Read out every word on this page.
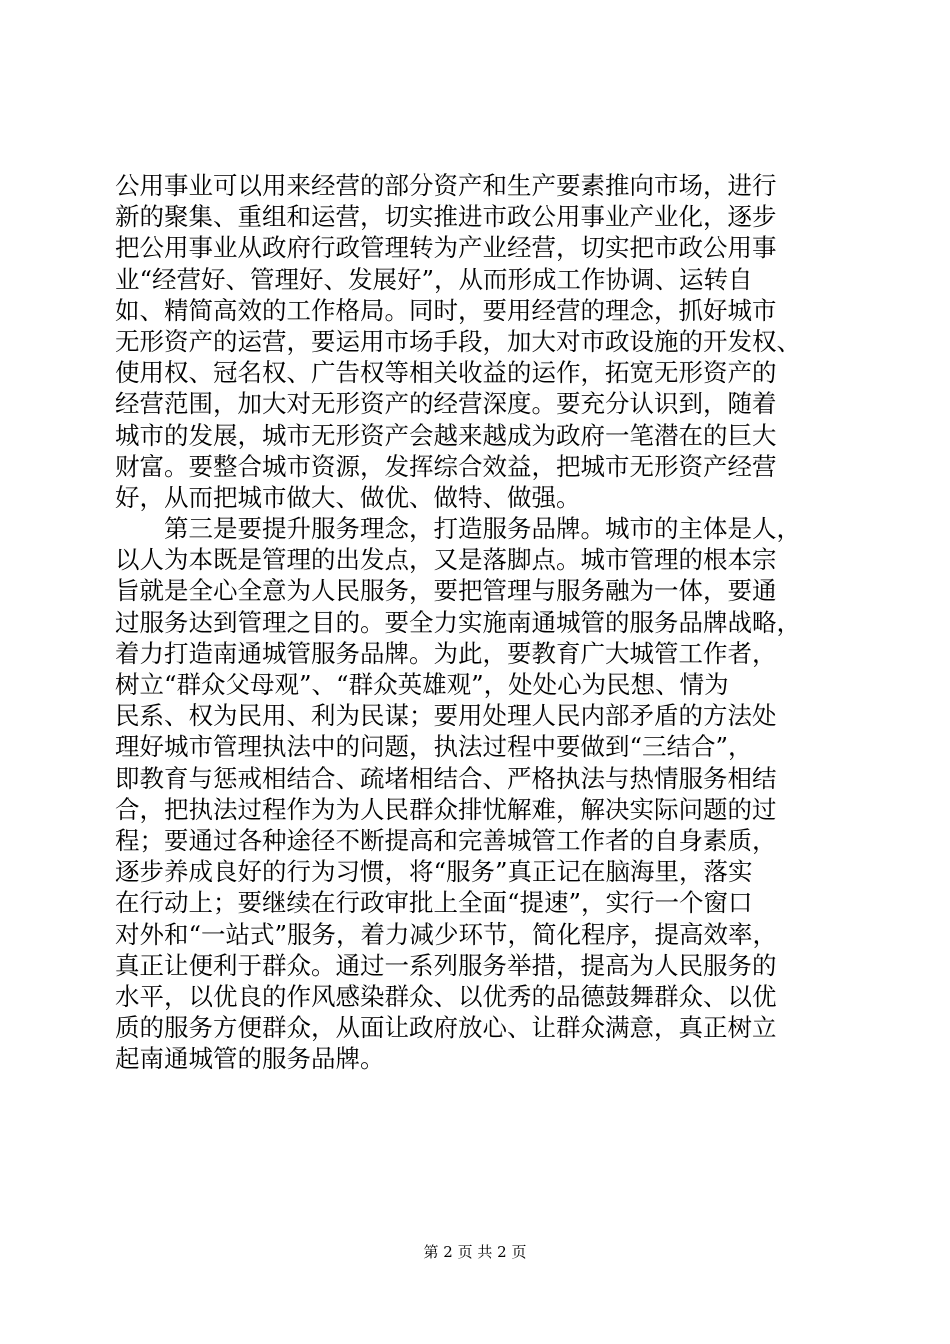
公用事业可以用来经营的部分资产和生产要素推向市场，进行
新的聚集、重组和运营，切实推进市政公用事业产业化，逐步
把公用事业从政府行政管理转为产业经营，切实把市政公用事
业“经营好、管理好、发展好”，从而形成工作协调、运转自
如、精简高效的工作格局。同时，要用经营的理念，抓好城市
无形资产的运营，要运用市场手段，加大对市政设施的开发权、
使用权、冠名权、广告权等相关收益的运作，拓宽无形资产的
经营范围，加大对无形资产的经营深度。要充分认识到，随着
城市的发展，城市无形资产会越来越成为政府一笔潜在的巨大
财富。要整合城市资源，发挥综合效益，把城市无形资产经营
好，从而把城市做大、做优、做特、做强。
　　第三是要提升服务理念，打造服务品牌。城市的主体是人，
以人为本既是管理的出发点，又是落脚点。城市管理的根本宗
旨就是全心全意为人民服务，要把管理与服务融为一体，要通
过服务达到管理之目的。要全力实施南通城管的服务品牌战略，
着力打造南通城管服务品牌。为此，要教育广大城管工作者，
树立“群众父母观”、“群众英雄观”，处处心为民想、情为
民系、权为民用、利为民谋；要用处理人民内部矛盾的方法处
理好城市管理执法中的问题，执法过程中要做到“三结合”，
即教育与惩戒相结合、疏堵相结合、严格执法与热情服务相结
合，把执法过程作为为人民群众排忧解难，解决实际问题的过
程；要通过各种途径不断提高和完善城管工作者的自身素质，
逐步养成良好的行为习惯，将“服务”真正记在脑海里，落实
在行动上；要继续在行政审批上全面“提速”，实行一个窗口
对外和“一站式”服务，着力减少环节，简化程序，提高效率，
真正让便利于群众。通过一系列服务举措，提高为人民服务的
水平，以优良的作风感染群众、以优秀的品德鼓舞群众、以优
质的服务方便群众，从面让政府放心、让群众满意，真正树立
起南通城管的服务品牌。
第 2 页 共 2 页
